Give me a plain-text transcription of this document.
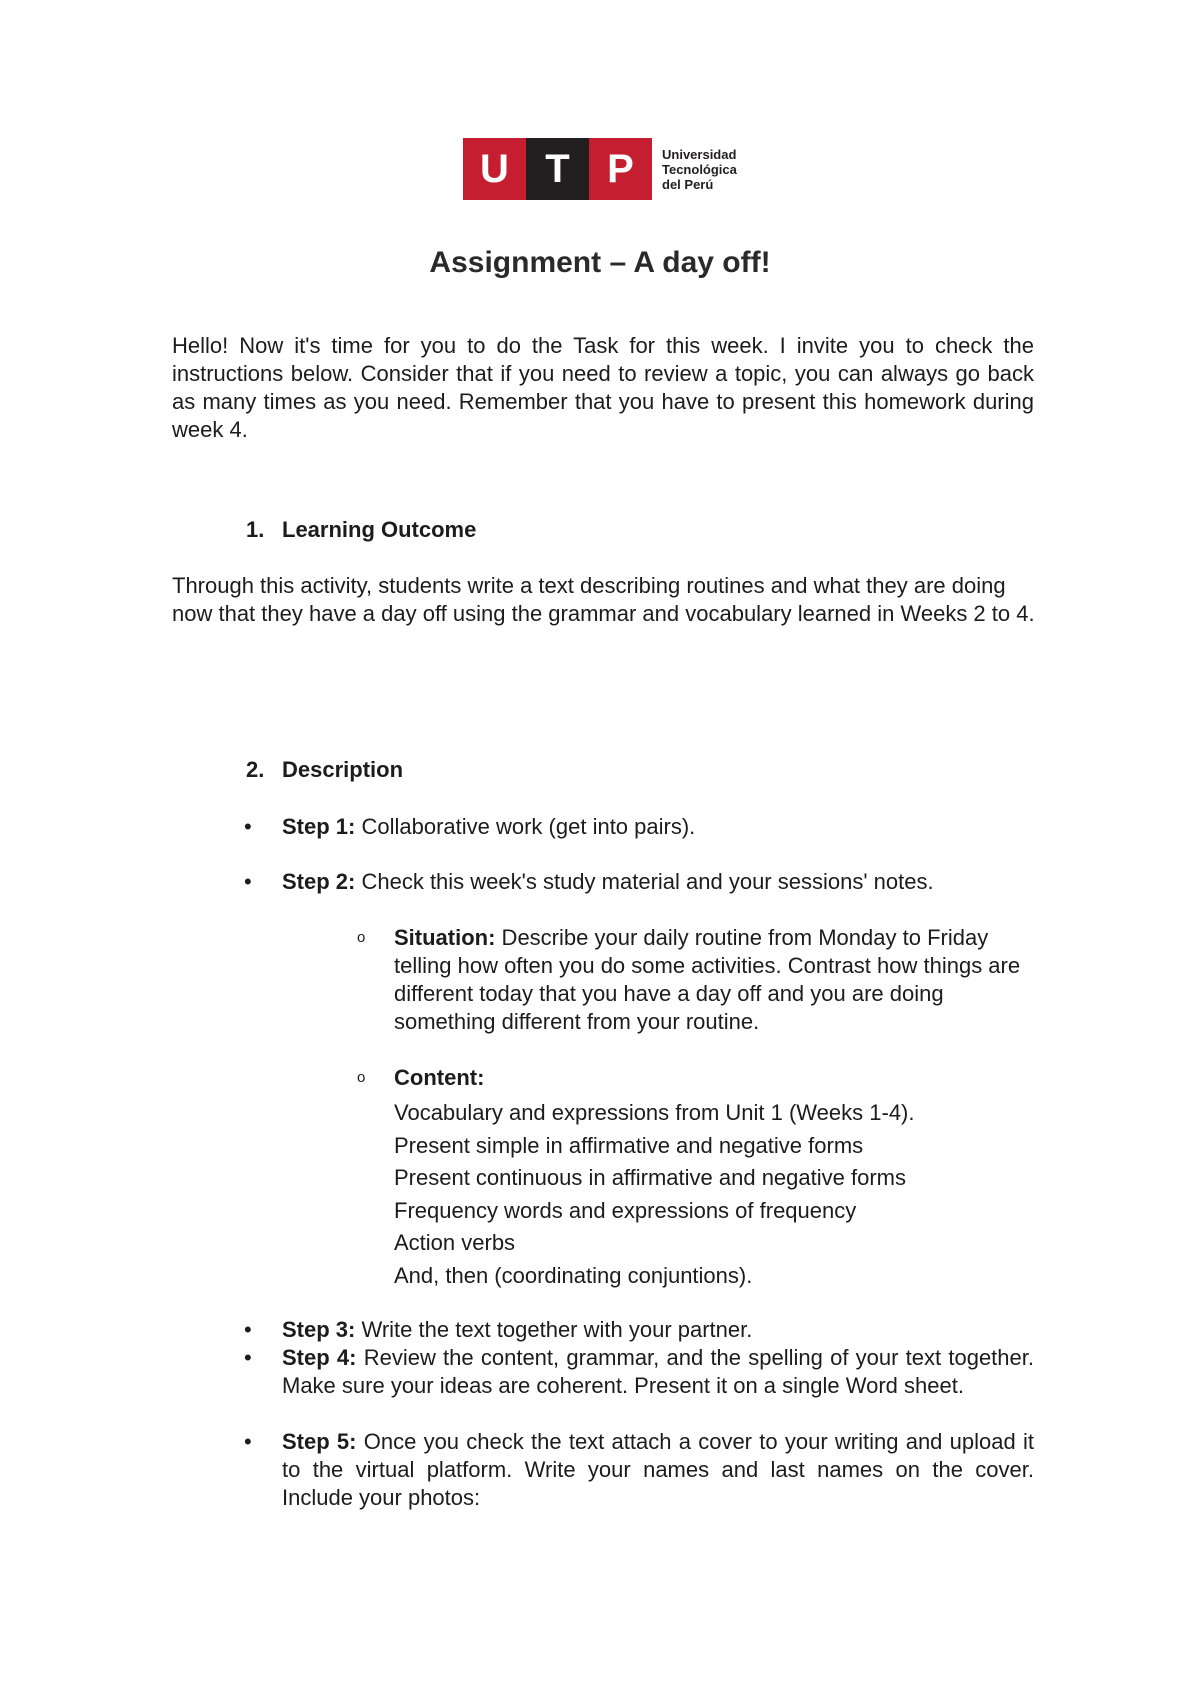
U T P	Universidad
Tecnológica
del Perú
Assignment – A day off!
Hello! Now it's time for you to do the Task for this week. I invite you to check the instructions below. Consider that if you need to review a topic, you can always go back as many times as you need. Remember that you have to present this homework during week 4.
1. Learning Outcome
Through this activity, students write a text describing routines and what they are doing now that they have a day off using the grammar and vocabulary learned in Weeks 2 to 4.
2. Description
• Step 1: Collaborative work (get into pairs).
• Step 2: Check this week's study material and your sessions' notes.
o Situation: Describe your daily routine from Monday to Friday telling how often you do some activities. Contrast how things are different today that you have a day off and you are doing something different from your routine.
o Content:
Vocabulary and expressions from Unit 1 (Weeks 1-4).
Present simple in affirmative and negative forms
Present continuous in affirmative and negative forms
Frequency words and expressions of frequency
Action verbs
And, then (coordinating conjuntions).
• Step 3: Write the text together with your partner.
• Step 4: Review the content, grammar, and the spelling of your text together. Make sure your ideas are coherent. Present it on a single Word sheet.
• Step 5: Once you check the text attach a cover to your writing and upload it to the virtual platform. Write your names and last names on the cover. Include your photos:
